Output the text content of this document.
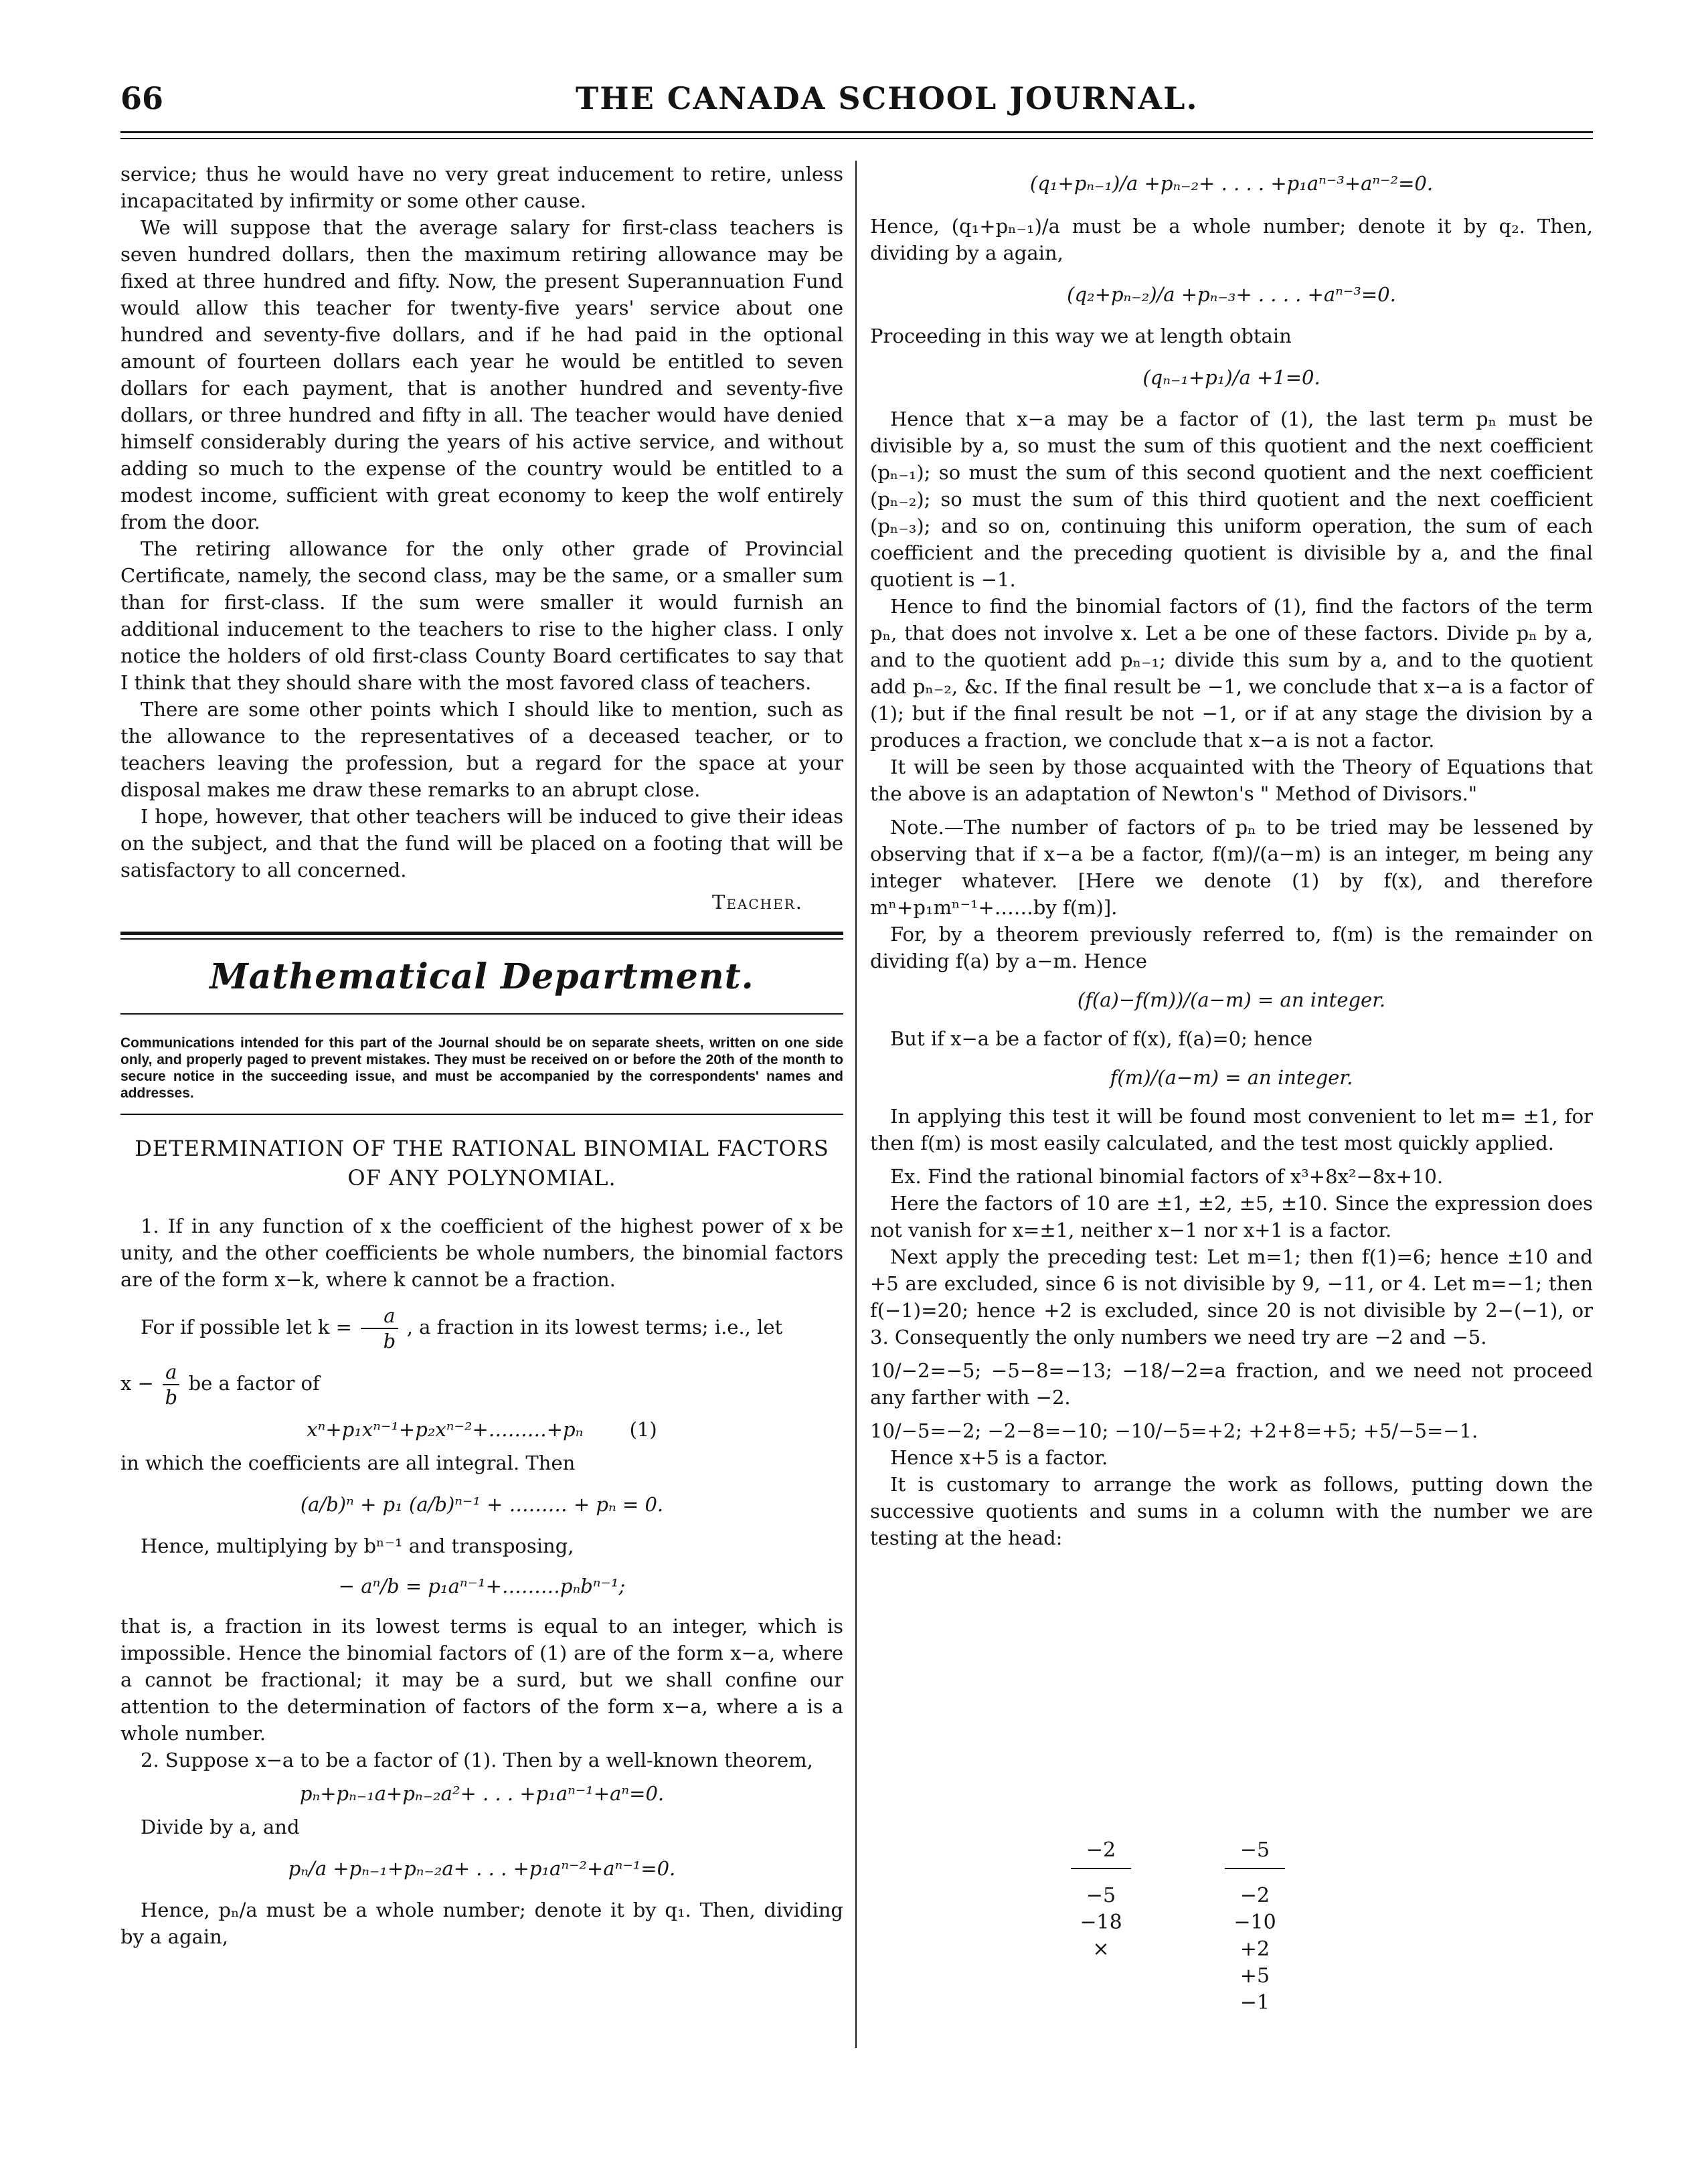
66	THE CANADA SCHOOL JOURNAL.

service; thus he would have no very great inducement to retire, unless incapacitated by infirmity or some other cause.

We will suppose that the average salary for first-class teachers is seven hundred dollars, then the maximum retiring allowance may be fixed at three hundred and fifty. Now, the present Superannuation Fund would allow this teacher for twenty-five years' service about one hundred and seventy-five dollars, and if he had paid in the optional amount of fourteen dollars each year he would be entitled to seven dollars for each payment, that is another hundred and seventy-five dollars, or three hundred and fifty in all. The teacher would have denied himself considerably during the years of his active service, and without adding so much to the expense of the country would be entitled to a modest income, sufficient with great economy to keep the wolf entirely from the door.

The retiring allowance for the only other grade of Provincial Certificate, namely, the second class, may be the same, or a smaller sum than for first-class. If the sum were smaller it would furnish an additional inducement to the teachers to rise to the higher class. I only notice the holders of old first-class County Board certificates to say that I think that they should share with the most favored class of teachers.

There are some other points which I should like to mention, such as the allowance to the representatives of a deceased teacher, or to teachers leaving the profession, but a regard for the space at your disposal makes me draw these remarks to an abrupt close.

I hope, however, that other teachers will be induced to give their ideas on the subject, and that the fund will be placed on a footing that will be satisfactory to all concerned.

Teacher.
Mathematical Department.
Communications intended for this part of the Journal should be on separate sheets, written on one side only, and properly paged to prevent mistakes. They must be received on or before the 20th of the month to secure notice in the succeeding issue, and must be accompanied by the correspondents' names and addresses.
DETERMINATION OF THE RATIONAL BINOMIAL FACTORS OF ANY POLYNOMIAL.

1. If in any function of x the coefficient of the highest power of x be unity, and the other coefficients be whole numbers, the binomial factors are of the form x−k, where k cannot be a fraction.

For if possible let $k = \frac{a}{b}$ , a fraction in its lowest terms; i.e., let

$x - \frac{a}{b}$ be a factor of

xⁿ+p₁xⁿ⁻¹+p₂xⁿ⁻²+………+pₙ (1)

in which the coefficients are all integral. Then

(a/b)ⁿ + p₁ (a/b)ⁿ⁻¹ + ……… + pₙ = 0.

Hence, multiplying by bⁿ⁻¹ and transposing,

− aⁿ/b = p₁aⁿ⁻¹+………pₙbⁿ⁻¹;

that is, a fraction in its lowest terms is equal to an integer, which is impossible. Hence the binomial factors of (1) are of the form x−a, where a cannot be fractional; it may be a surd, but we shall confine our attention to the determination of factors of the form x−a, where a is a whole number.

2. Suppose x−a to be a factor of (1). Then by a well-known theorem,

pₙ+pₙ₋₁a+pₙ₋₂a²+ . . . +p₁aⁿ⁻¹+aⁿ=0.

Divide by a, and

pₙ/a +pₙ₋₁+pₙ₋₂a+ . . . +p₁aⁿ⁻²+aⁿ⁻¹=0.

Hence, pₙ/a must be a whole number; denote it by q₁. Then, dividing by a again,

(q₁+pₙ₋₁)/a +pₙ₋₂+ . . . . +p₁aⁿ⁻³+aⁿ⁻²=0.

Hence, (q₁+pₙ₋₁)/a must be a whole number; denote it by q₂. Then, dividing by a again,

(q₂+pₙ₋₂)/a +pₙ₋₃+ . . . . +aⁿ⁻³=0.

Proceeding in this way we at length obtain

(qₙ₋₁+p₁)/a +1=0.

Hence that x−a may be a factor of (1), the last term pₙ must be divisible by a, so must the sum of this quotient and the next coefficient (pₙ₋₁); so must the sum of this second quotient and the next coefficient (pₙ₋₂); so must the sum of this third quotient and the next coefficient (pₙ₋₃); and so on, continuing this uniform operation, the sum of each coefficient and the preceding quotient is divisible by a, and the final quotient is −1.

Hence to find the binomial factors of (1), find the factors of the term pₙ, that does not involve x. Let a be one of these factors. Divide pₙ by a, and to the quotient add pₙ₋₁; divide this sum by a, and to the quotient add pₙ₋₂, &c. If the final result be −1, we conclude that x−a is a factor of (1); but if the final result be not −1, or if at any stage the division by a produces a fraction, we conclude that x−a is not a factor.

It will be seen by those acquainted with the Theory of Equations that the above is an adaptation of Newton's " Method of Divisors."

Note.—The number of factors of pₙ to be tried may be lessened by observing that if x−a be a factor, f(m)/(a−m) is an integer, m being any integer whatever. [Here we denote (1) by f(x), and therefore mⁿ+p₁mⁿ⁻¹+……by f(m)].

For, by a theorem previously referred to, f(m) is the remainder on dividing f(a) by a−m. Hence

(f(a)−f(m))/(a−m) = an integer.

But if x−a be a factor of f(x), f(a)=0; hence

f(m)/(a−m) = an integer.

In applying this test it will be found most convenient to let m= ±1, for then f(m) is most easily calculated, and the test most quickly applied.

Ex. Find the rational binomial factors of x³+8x²−8x+10.

Here the factors of 10 are ±1, ±2, ±5, ±10. Since the expression does not vanish for x=±1, neither x−1 nor x+1 is a factor.

Next apply the preceding test: Let m=1; then f(1)=6; hence ±10 and +5 are excluded, since 6 is not divisible by 9, −11, or 4. Let m=−1; then f(−1)=20; hence +2 is excluded, since 20 is not divisible by 2−(−1), or 3. Consequently the only numbers we need try are −2 and −5.

10/−2=−5; −5−8=−13; −18/−2=a fraction, and we need not proceed any farther with −2.

10/−5=−2; −2−8=−10; −10/−5=+2; +2+8=+5; +5/−5=−1.

Hence x+5 is a factor.

It is customary to arrange the work as follows, putting down the successive quotients and sums in a column with the number we are testing at the head:

−2
−5
−18
×
−5
−2
−10
+2
+5
−1
